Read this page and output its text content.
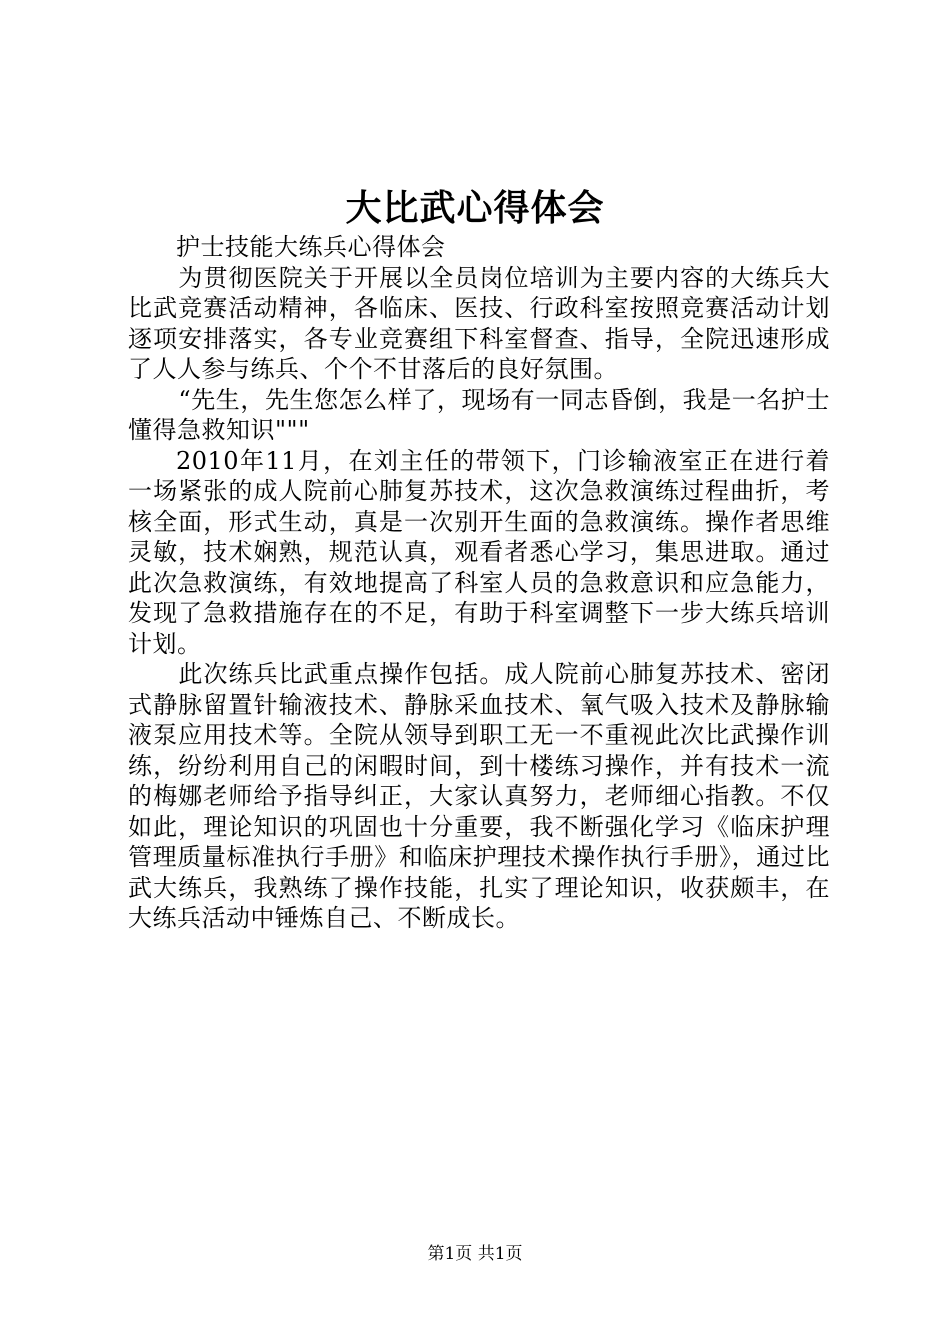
大比武心得体会

护士技能大练兵心得体会

为贯彻医院关于开展以全员岗位培训为主要内容的大练兵大比武竞赛活动精神，各临床、医技、行政科室按照竞赛活动计划逐项安排落实，各专业竞赛组下科室督查、指导，全院迅速形成了人人参与练兵、个个不甘落后的良好氛围。

“先生，先生您怎么样了，现场有一同志昏倒，我是一名护士懂得急救知识"""

2010年11月，在刘主任的带领下，门诊输液室正在进行着一场紧张的成人院前心肺复苏技术，这次急救演练过程曲折，考核全面，形式生动，真是一次别开生面的急救演练。操作者思维灵敏，技术娴熟，规范认真，观看者悉心学习，集思进取。通过此次急救演练，有效地提高了科室人员的急救意识和应急能力，发现了急救措施存在的不足，有助于科室调整下一步大练兵培训计划。

此次练兵比武重点操作包括。成人院前心肺复苏技术、密闭式静脉留置针输液技术、静脉采血技术、氧气吸入技术及静脉输液泵应用技术等。全院从领导到职工无一不重视此次比武操作训练，纷纷利用自己的闲暇时间，到十楼练习操作，并有技术一流的梅娜老师给予指导纠正，大家认真努力，老师细心指教。不仅如此，理论知识的巩固也十分重要，我不断强化学习《临床护理管理质量标准执行手册》和临床护理技术操作执行手册》，通过比武大练兵，我熟练了操作技能，扎实了理论知识，收获颇丰，在大练兵活动中锤炼自己、不断成长。

第1页 共1页
